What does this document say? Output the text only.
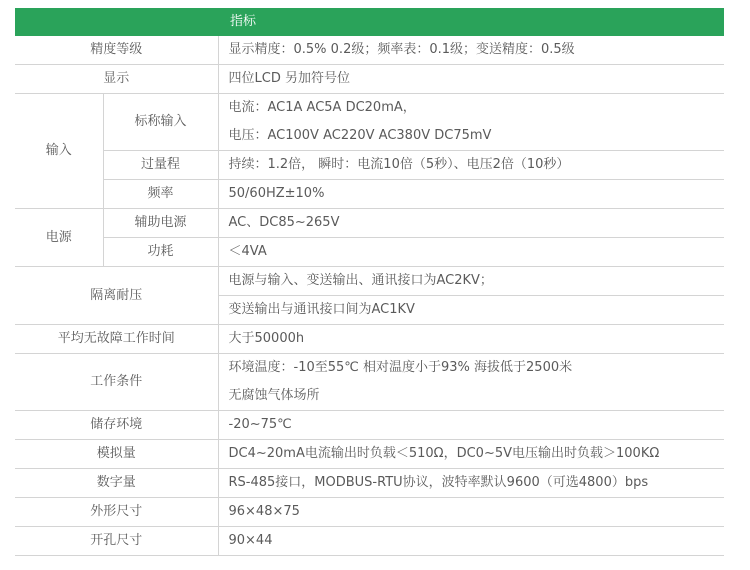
		指标
精度等级		显示精度：0.5% 0.2级；频率表：0.1级；变送精度：0.5级
显示		四位LCD 另加符号位
输入	标称输入	电流：AC1A AC5A DC20mA，
		电压：AC100V AC220V AC380V DC75mV
	过量程	持续：1.2倍， 瞬时：电流10倍（5秒）、电压2倍（10秒）
	频率	50/60HZ±10%
电源	辅助电源	AC、DC85~265V
	功耗	＜4VA
隔离耐压		电源与输入、变送输出、通讯接口为AC2KV；
		变送输出与通讯接口间为AC1KV
平均无故障工作时间		大于50000h
工作条件		环境温度：-10至55℃ 相对温度小于93% 海拔低于2500米
		无腐蚀气体场所
储存环境		-20~75℃
模拟量		DC4~20mA电流输出时负载＜510Ω，DC0~5V电压输出时负载＞100KΩ
数字量		RS-485接口，MODBUS-RTU协议，波特率默认9600（可选4800）bps
外形尺寸		96×48×75
开孔尺寸		90×44
